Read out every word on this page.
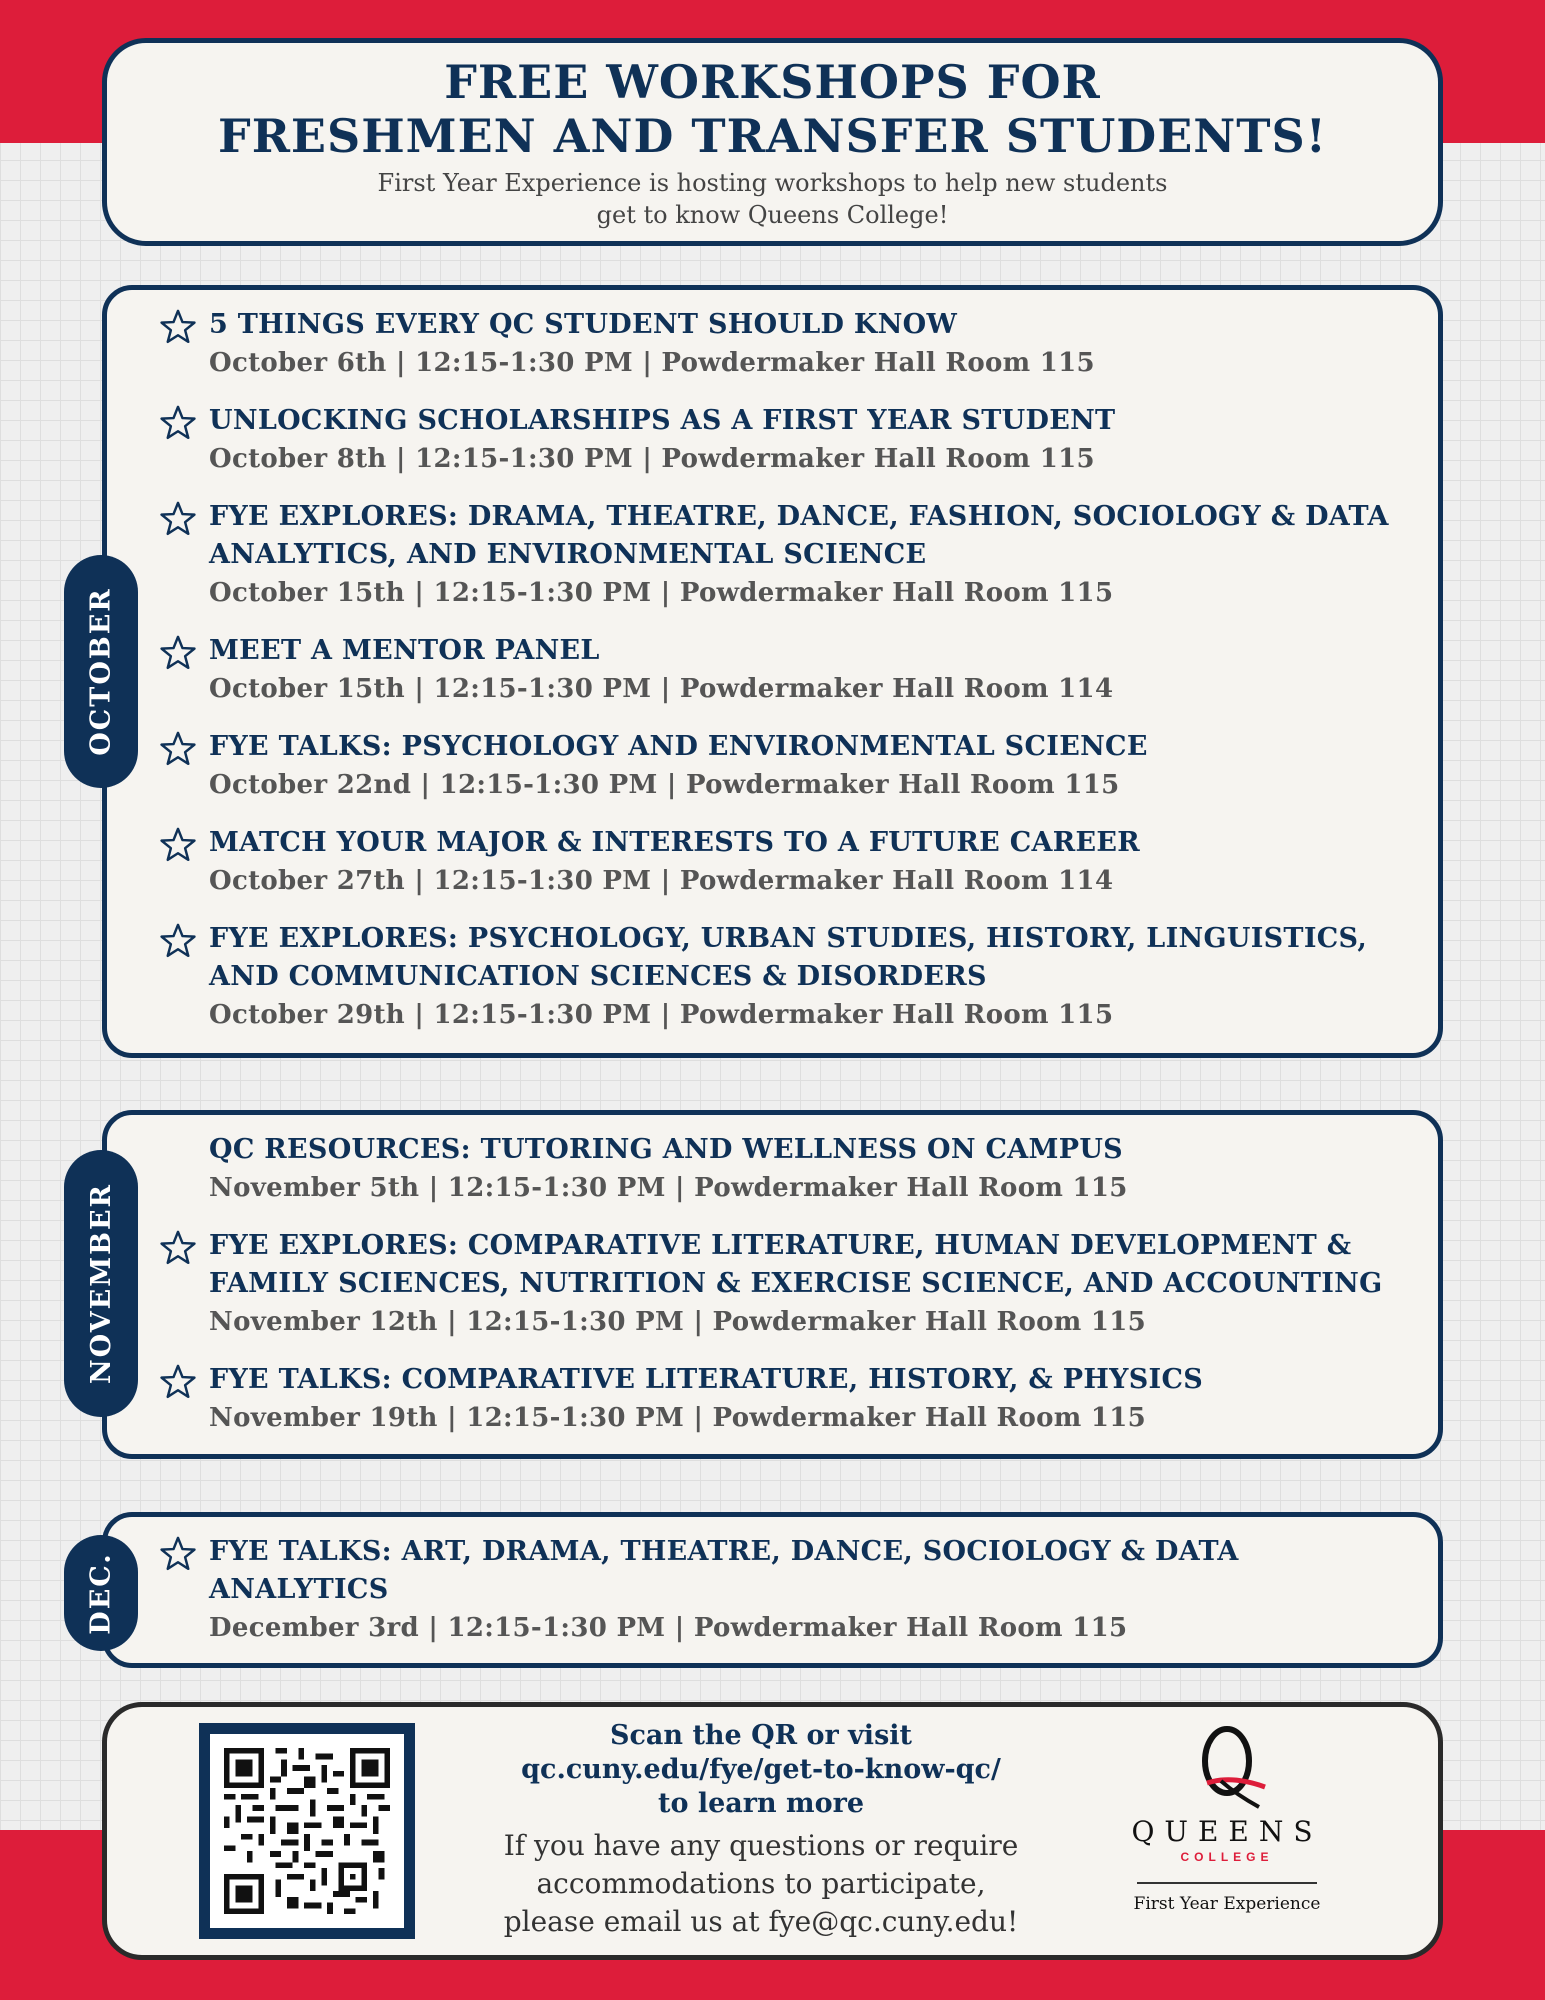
FREE WORKSHOPS FOR
FRESHMEN AND TRANSFER STUDENTS!

First Year Experience is hosting workshops to help new students
get to know Queens College!

5 THINGS EVERY QC STUDENT SHOULD KNOW
October 6th | 12:15-1:30 PM | Powdermaker Hall Room 115
UNLOCKING SCHOLARSHIPS AS A FIRST YEAR STUDENT
October 8th | 12:15-1:30 PM | Powdermaker Hall Room 115
FYE EXPLORES: DRAMA, THEATRE, DANCE, FASHION, SOCIOLOGY & DATA ANALYTICS, AND ENVIRONMENTAL SCIENCE
October 15th | 12:15-1:30 PM | Powdermaker Hall Room 115
MEET A MENTOR PANEL
October 15th | 12:15-1:30 PM | Powdermaker Hall Room 114
FYE TALKS: PSYCHOLOGY AND ENVIRONMENTAL SCIENCE
October 22nd | 12:15-1:30 PM | Powdermaker Hall Room 115
MATCH YOUR MAJOR & INTERESTS TO A FUTURE CAREER
October 27th | 12:15-1:30 PM | Powdermaker Hall Room 114
FYE EXPLORES: PSYCHOLOGY, URBAN STUDIES, HISTORY, LINGUISTICS, AND COMMUNICATION SCIENCES & DISORDERS
October 29th | 12:15-1:30 PM | Powdermaker Hall Room 115
OCTOBER
QC RESOURCES: TUTORING AND WELLNESS ON CAMPUS
November 5th | 12:15-1:30 PM | Powdermaker Hall Room 115
FYE EXPLORES: COMPARATIVE LITERATURE, HUMAN DEVELOPMENT & FAMILY SCIENCES, NUTRITION & EXERCISE SCIENCE, AND ACCOUNTING
November 12th | 12:15-1:30 PM | Powdermaker Hall Room 115
FYE TALKS: COMPARATIVE LITERATURE, HISTORY, & PHYSICS
November 19th | 12:15-1:30 PM | Powdermaker Hall Room 115
NOVEMBER
FYE TALKS: ART, DRAMA, THEATRE, DANCE, SOCIOLOGY & DATA ANALYTICS
December 3rd | 12:15-1:30 PM | Powdermaker Hall Room 115
DEC.

Scan the QR or visit
qc.cuny.edu/fye/get-to-know-qc/
to learn more

If you have any questions or require
accommodations to participate,
please email us at fye@qc.cuny.edu!

QUEENS
COLLEGE
First Year Experience
